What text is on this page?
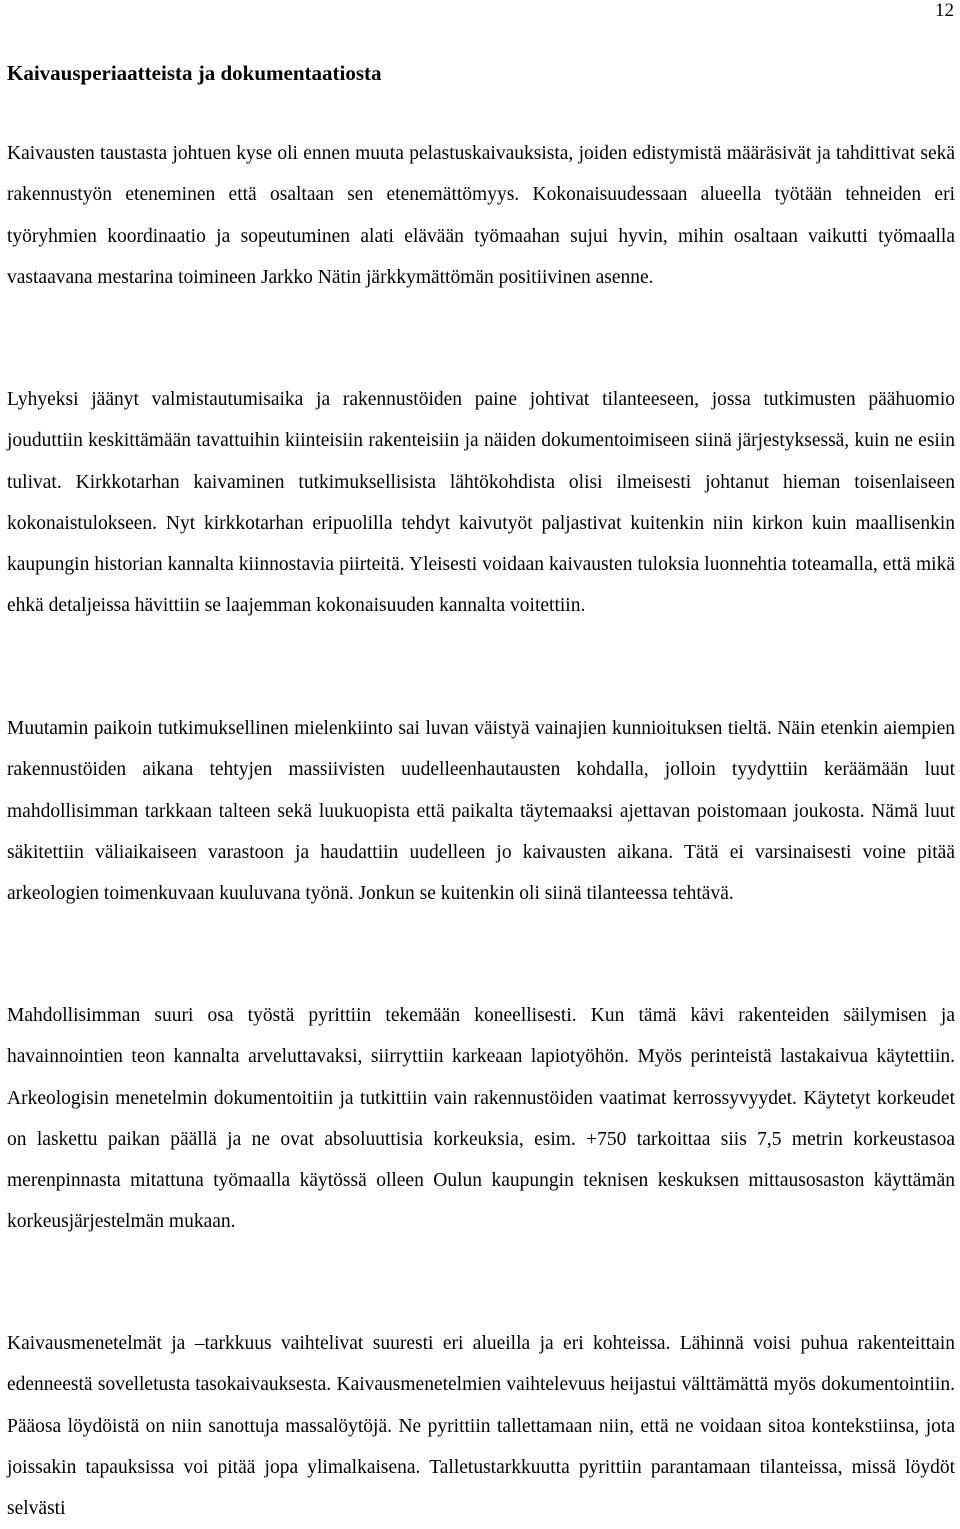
12
Kaivausperiaatteista ja dokumentaatiosta

Kaivausten taustasta johtuen kyse oli ennen muuta pelastuskaivauksista, joiden edistymistä määräsivät ja tahdittivat sekä rakennustyön eteneminen että osaltaan sen etenemättömyys. Kokonaisuudessaan alueella työtään tehneiden eri työryhmien koordinaatio ja sopeutuminen alati elävään työmaahan sujui hyvin, mihin osaltaan vaikutti työmaalla vastaavana mestarina toimineen Jarkko Nätin järkkymättömän positiivinen asenne.

Lyhyeksi jäänyt valmistautumisaika ja rakennustöiden paine johtivat tilanteeseen, jossa tutkimusten päähuomio jouduttiin keskittämään tavattuihin kiinteisiin rakenteisiin ja näiden dokumentoimiseen siinä järjestyksessä, kuin ne esiin tulivat. Kirkkotarhan kaivaminen tutkimuksellisista lähtökohdista olisi ilmeisesti johtanut hieman toisenlaiseen kokonaistulokseen. Nyt kirkkotarhan eripuolilla tehdyt kaivutyöt paljastivat kuitenkin niin kirkon kuin maallisenkin kaupungin historian kannalta kiinnostavia piirteitä. Yleisesti voidaan kaivausten tuloksia luonnehtia toteamalla, että mikä ehkä detaljeissa hävittiin se laajemman kokonaisuuden kannalta voitettiin.

Muutamin paikoin tutkimuksellinen mielenkiinto sai luvan väistyä vainajien kunnioituksen tieltä. Näin etenkin aiempien rakennustöiden aikana tehtyjen massiivisten uudelleenhautausten kohdalla, jolloin tyydyttiin keräämään luut mahdollisimman tarkkaan talteen sekä luukuopista että paikalta täytemaaksi ajettavan poistomaan joukosta. Nämä luut säkitettiin väliaikaiseen varastoon ja haudattiin uudelleen jo kaivausten aikana. Tätä ei varsinaisesti voine pitää arkeologien toimenkuvaan kuuluvana työnä. Jonkun se kuitenkin oli siinä tilanteessa tehtävä.

Mahdollisimman suuri osa työstä pyrittiin tekemään koneellisesti. Kun tämä kävi rakenteiden säilymisen ja havainnointien teon kannalta arveluttavaksi, siirryttiin karkeaan lapiotyöhön. Myös perinteistä lastakaivua käytettiin. Arkeologisin menetelmin dokumentoitiin ja tutkittiin vain rakennustöiden vaatimat kerrossyvyydet. Käytetyt korkeudet on laskettu paikan päällä ja ne ovat absoluuttisia korkeuksia, esim. +750 tarkoittaa siis 7,5 metrin korkeustasoa merenpinnasta mitattuna työmaalla käytössä olleen Oulun kaupungin teknisen keskuksen mittausosaston käyttämän korkeusjärjestelmän mukaan.

Kaivausmenetelmät ja –tarkkuus vaihtelivat suuresti eri alueilla ja eri kohteissa. Lähinnä voisi puhua rakenteittain edenneestä sovelletusta tasokaivauksesta. Kaivausmenetelmien vaihtelevuus heijastui välttämättä myös dokumentointiin. Pääosa löydöistä on niin sanottuja massalöytöjä. Ne pyrittiin tallettamaan niin, että ne voidaan sitoa kontekstiinsa, jota joissakin tapauksissa voi pitää jopa ylimalkaisena. Talletustarkkuutta pyrittiin parantamaan tilanteissa, missä löydöt selvästi
